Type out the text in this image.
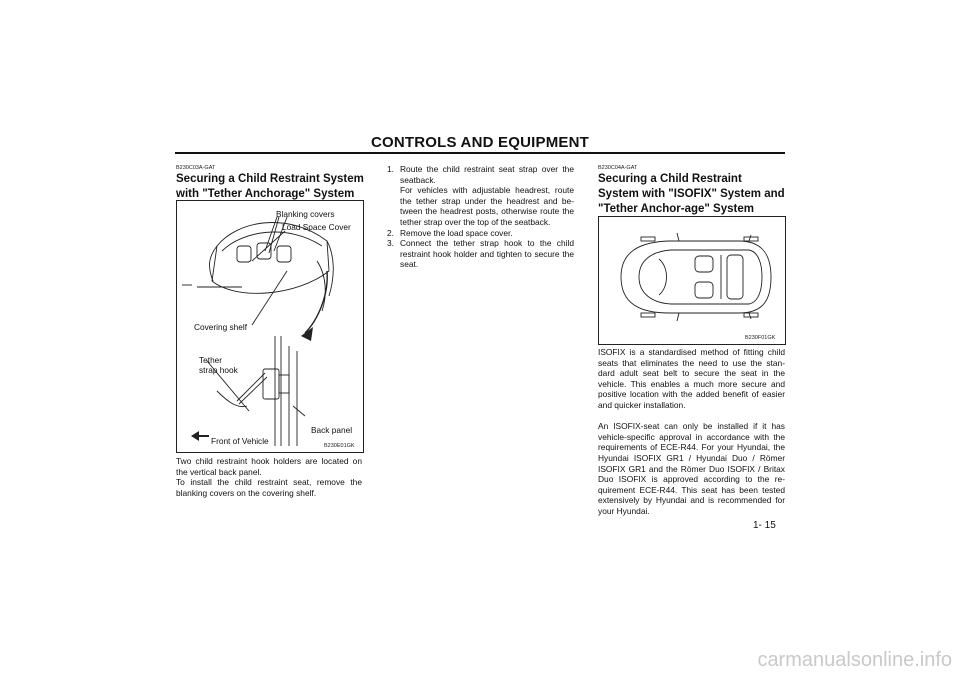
CONTROLS AND EQUIPMENT
B230C03A-GAT
Securing a Child Restraint System with "Tether Anchorage" System
Blanking covers
Load Space Cover
Covering shelf
Tether
strap hook
Back panel
Front of Vehicle	B230E01GK
Two child restraint hook holders are located on the vertical back panel.
To install the child restraint seat, remove the blanking covers on the covering shelf.
1. Route the child restraint seat strap over the seatback.
For vehicles with adjustable headrest, route the tether strap under the headrest and be-tween the headrest posts, otherwise route the tether strap over the top of the seatback.
2. Remove the load space cover.
3. Connect the tether strap hook to the child restraint hook holder and tighten to secure the seat.
B230C04A-GAT
Securing a Child Restraint System with "ISOFIX" System and "Tether Anchor-age" System
B230F01GK
ISOFIX is a standardised method of fitting child seats that eliminates the need to use the stan-dard adult seat belt to secure the seat in the vehicle. This enables a much more secure and positive location with the added benefit of easier and quicker installation.
An ISOFIX-seat can only be installed if it has vehicle-specific approval in accordance with the requirements of ECE-R44. For your Hyundai, the Hyundai ISOFIX GR1 / Hyundai Duo / Römer ISOFIX GR1 and the Römer Duo ISOFIX / Britax Duo ISOFIX is approved according to the re-quirement ECE-R44. This seat has been tested extensively by Hyundai and is recommended for your Hyundai.
1- 15
carmanualsonline.info
